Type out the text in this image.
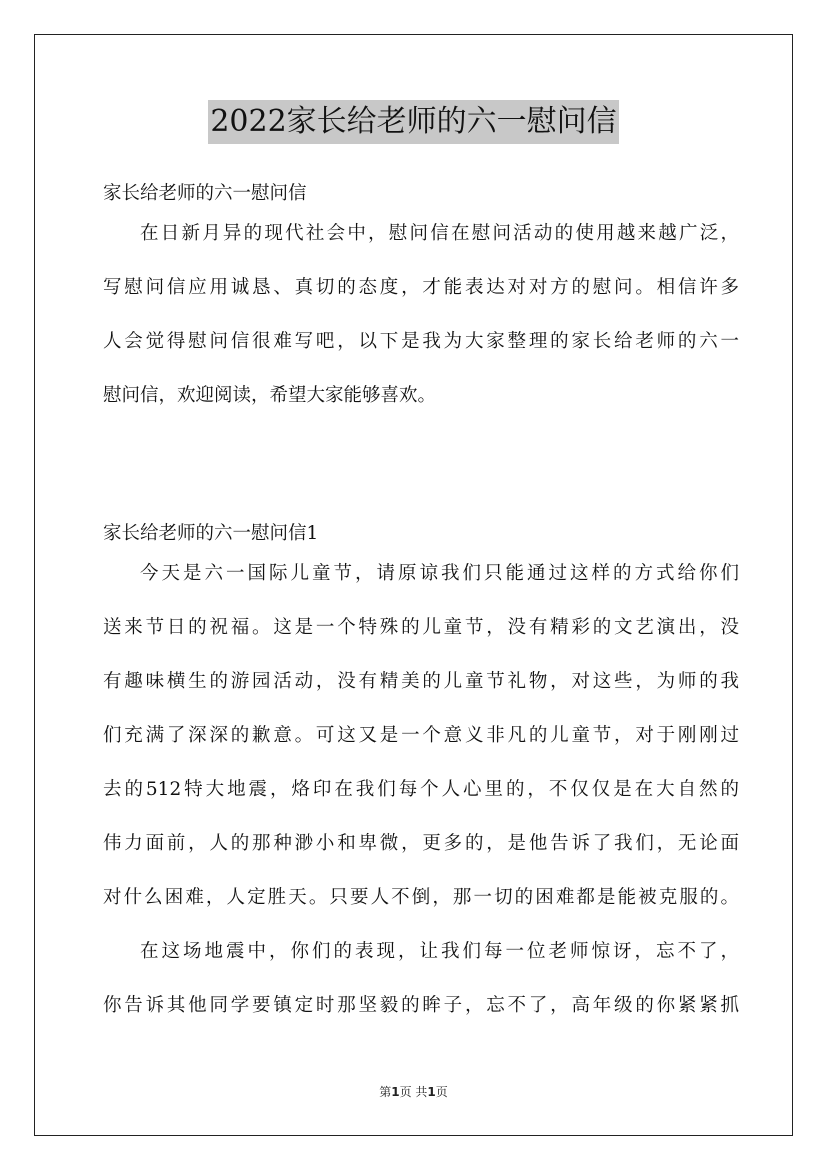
2022家长给老师的六一慰问信
家长给老师的六一慰问信
在日新月异的现代社会中，慰问信在慰问活动的使用越来越广泛，
写慰问信应用诚恳、真切的态度，才能表达对对方的慰问。相信许多
人会觉得慰问信很难写吧，以下是我为大家整理的家长给老师的六一
慰问信，欢迎阅读，希望大家能够喜欢。
家长给老师的六一慰问信1
今天是六一国际儿童节，请原谅我们只能通过这样的方式给你们
送来节日的祝福。这是一个特殊的儿童节，没有精彩的文艺演出，没
有趣味横生的游园活动，没有精美的儿童节礼物，对这些，为师的我
们充满了深深的歉意。可这又是一个意义非凡的儿童节，对于刚刚过
去的512特大地震，烙印在我们每个人心里的，不仅仅是在大自然的
伟力面前，人的那种渺小和卑微，更多的，是他告诉了我们，无论面
对什么困难，人定胜天。只要人不倒，那一切的困难都是能被克服的。
在这场地震中，你们的表现，让我们每一位老师惊讶，忘不了，
你告诉其他同学要镇定时那坚毅的眸子，忘不了，高年级的你紧紧抓
第1页 共1页
